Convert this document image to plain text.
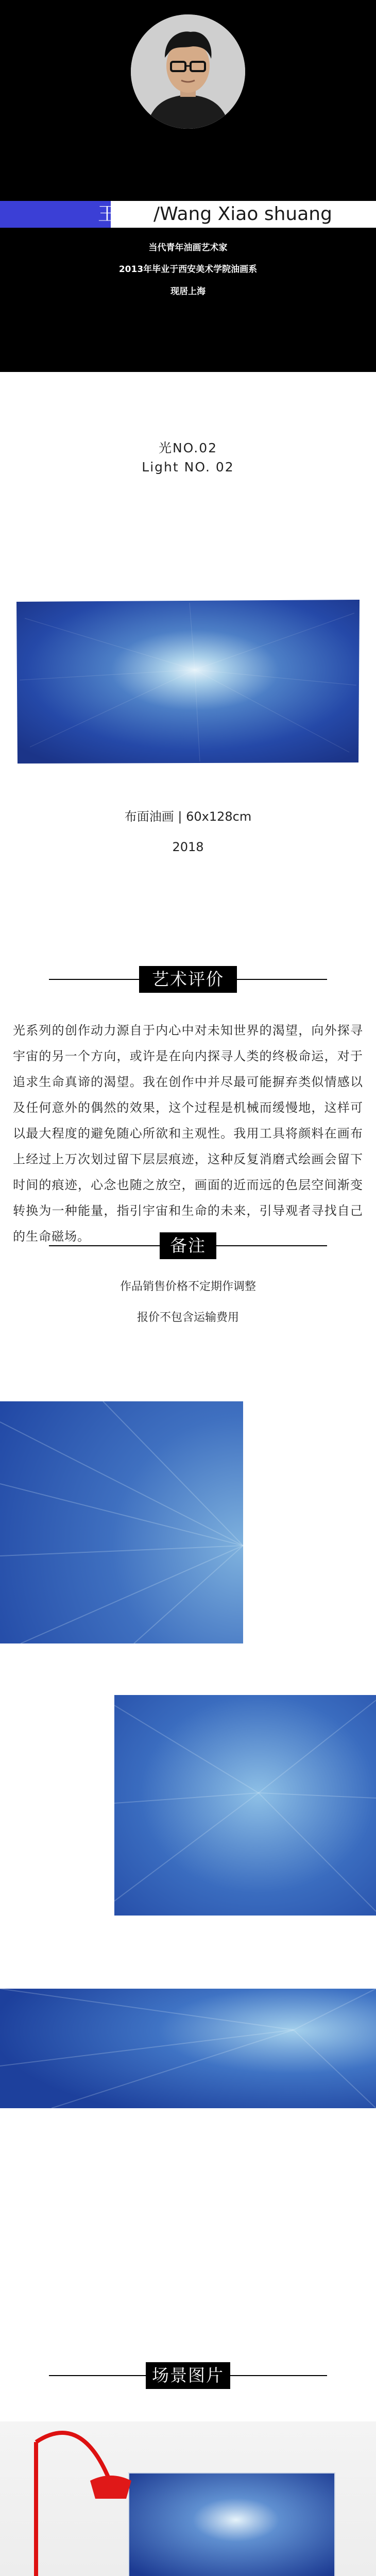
王小双/Wang Xiao shuang
当代青年油画艺术家
2013年毕业于西安美术学院油画系
现居上海
光NO.02
Light NO. 02
布面油画 | 60x128cm
2018
艺术评价
光系列的创作动力源自于内心中对未知世界的渴望，向外探寻宇宙的另一个方向，或许是在向内探寻人类的终极命运，对于追求生命真谛的渴望。我在创作中并尽最可能摒弃类似情感以及任何意外的偶然的效果，这个过程是机械而缓慢地，这样可以最大程度的避免随心所欲和主观性。我用工具将颜料在画布上经过上万次划过留下层层痕迹，这种反复消磨式绘画会留下时间的痕迹，心念也随之放空，画面的近而远的色层空间渐变转换为一种能量，指引宇宙和生命的未来，引导观者寻找自己的生命磁场。	备注
作品销售价格不定期作调整
报价不包含运输费用
场景图片
